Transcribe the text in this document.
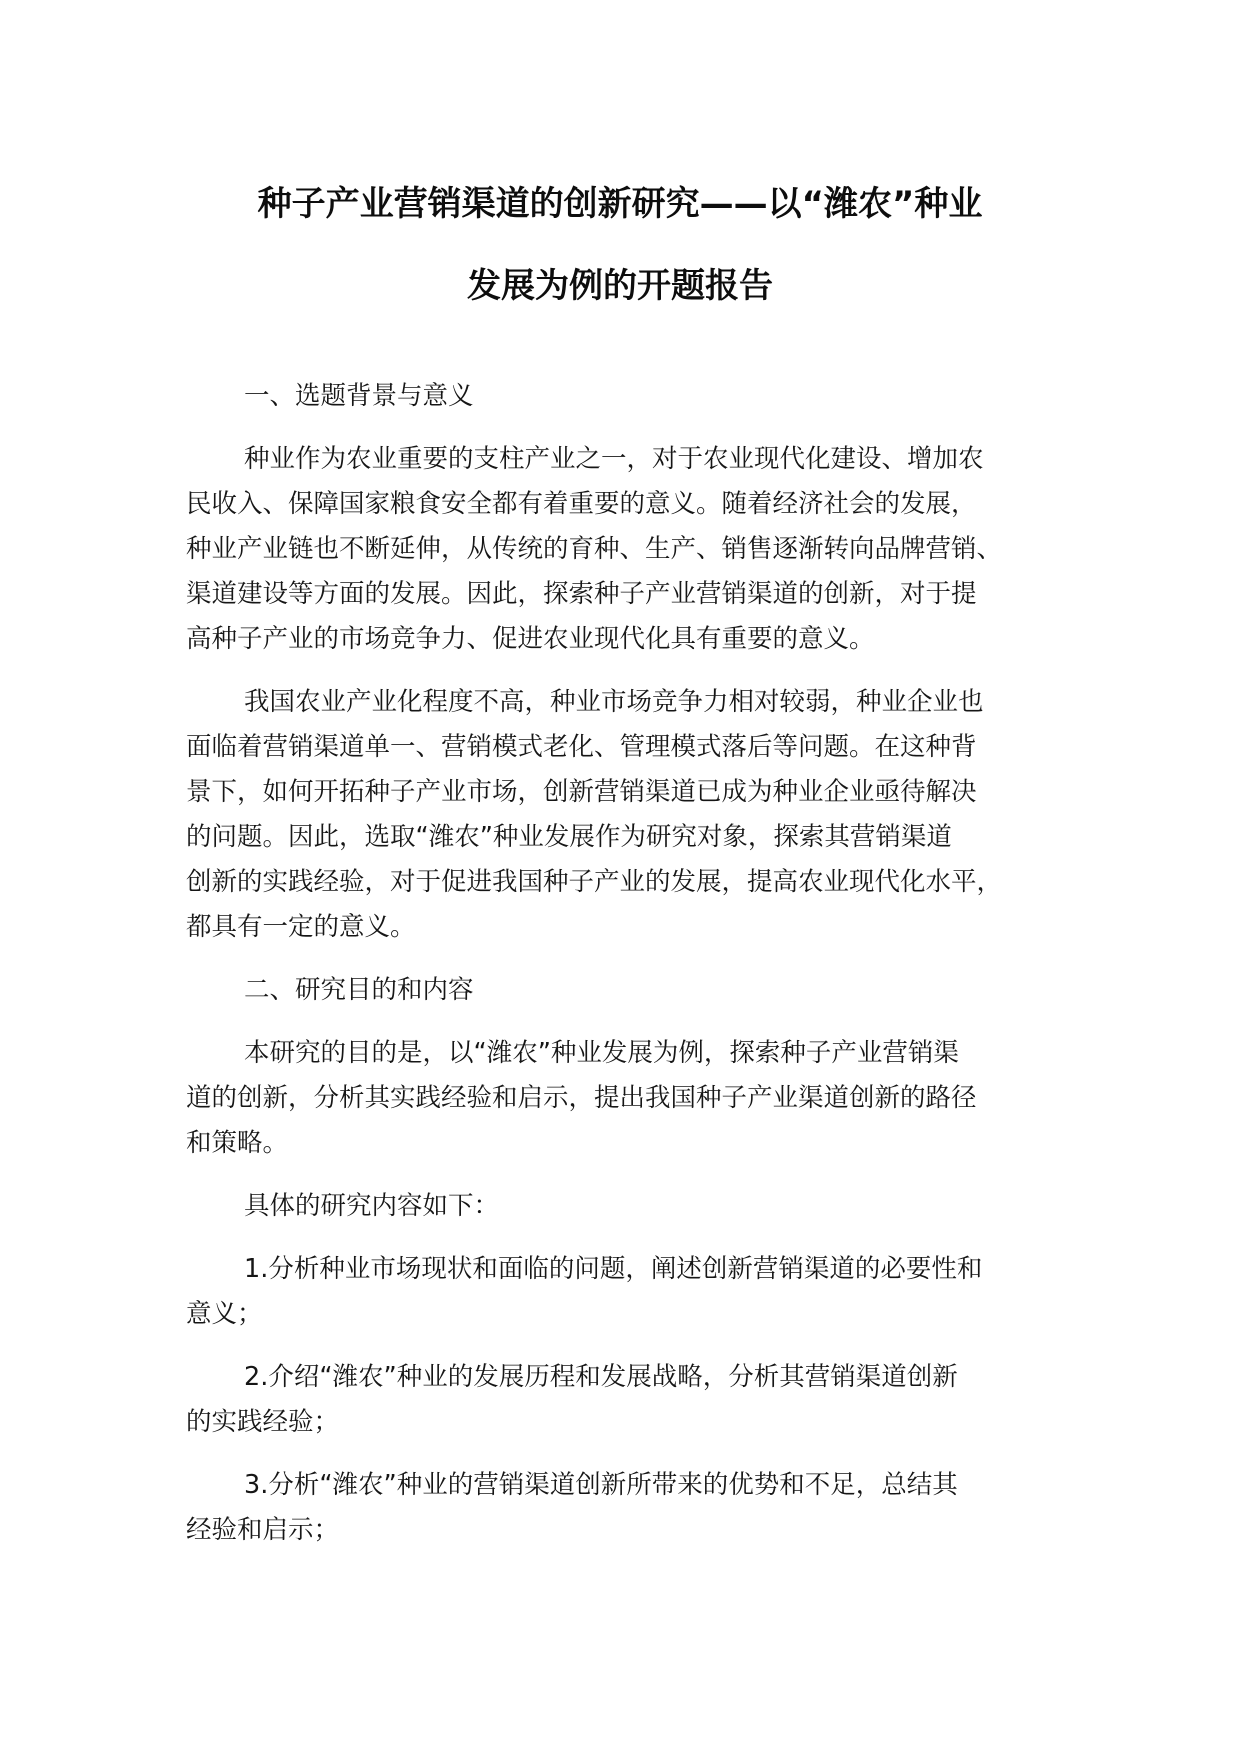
种子产业营销渠道的创新研究——以“潍农”种业
发展为例的开题报告

一、选题背景与意义

种业作为农业重要的支柱产业之一，对于农业现代化建设、增加农
民收入、保障国家粮食安全都有着重要的意义。随着经济社会的发展，
种业产业链也不断延伸，从传统的育种、生产、销售逐渐转向品牌营销、
渠道建设等方面的发展。因此，探索种子产业营销渠道的创新，对于提
高种子产业的市场竞争力、促进农业现代化具有重要的意义。

我国农业产业化程度不高，种业市场竞争力相对较弱，种业企业也
面临着营销渠道单一、营销模式老化、管理模式落后等问题。在这种背
景下，如何开拓种子产业市场，创新营销渠道已成为种业企业亟待解决
的问题。因此，选取“潍农”种业发展作为研究对象，探索其营销渠道
创新的实践经验，对于促进我国种子产业的发展，提高农业现代化水平，
都具有一定的意义。

二、研究目的和内容

本研究的目的是，以“潍农”种业发展为例，探索种子产业营销渠
道的创新，分析其实践经验和启示，提出我国种子产业渠道创新的路径
和策略。

具体的研究内容如下：

1.分析种业市场现状和面临的问题，阐述创新营销渠道的必要性和
意义；

2.介绍“潍农”种业的发展历程和发展战略，分析其营销渠道创新
的实践经验；

3.分析“潍农”种业的营销渠道创新所带来的优势和不足，总结其
经验和启示；
